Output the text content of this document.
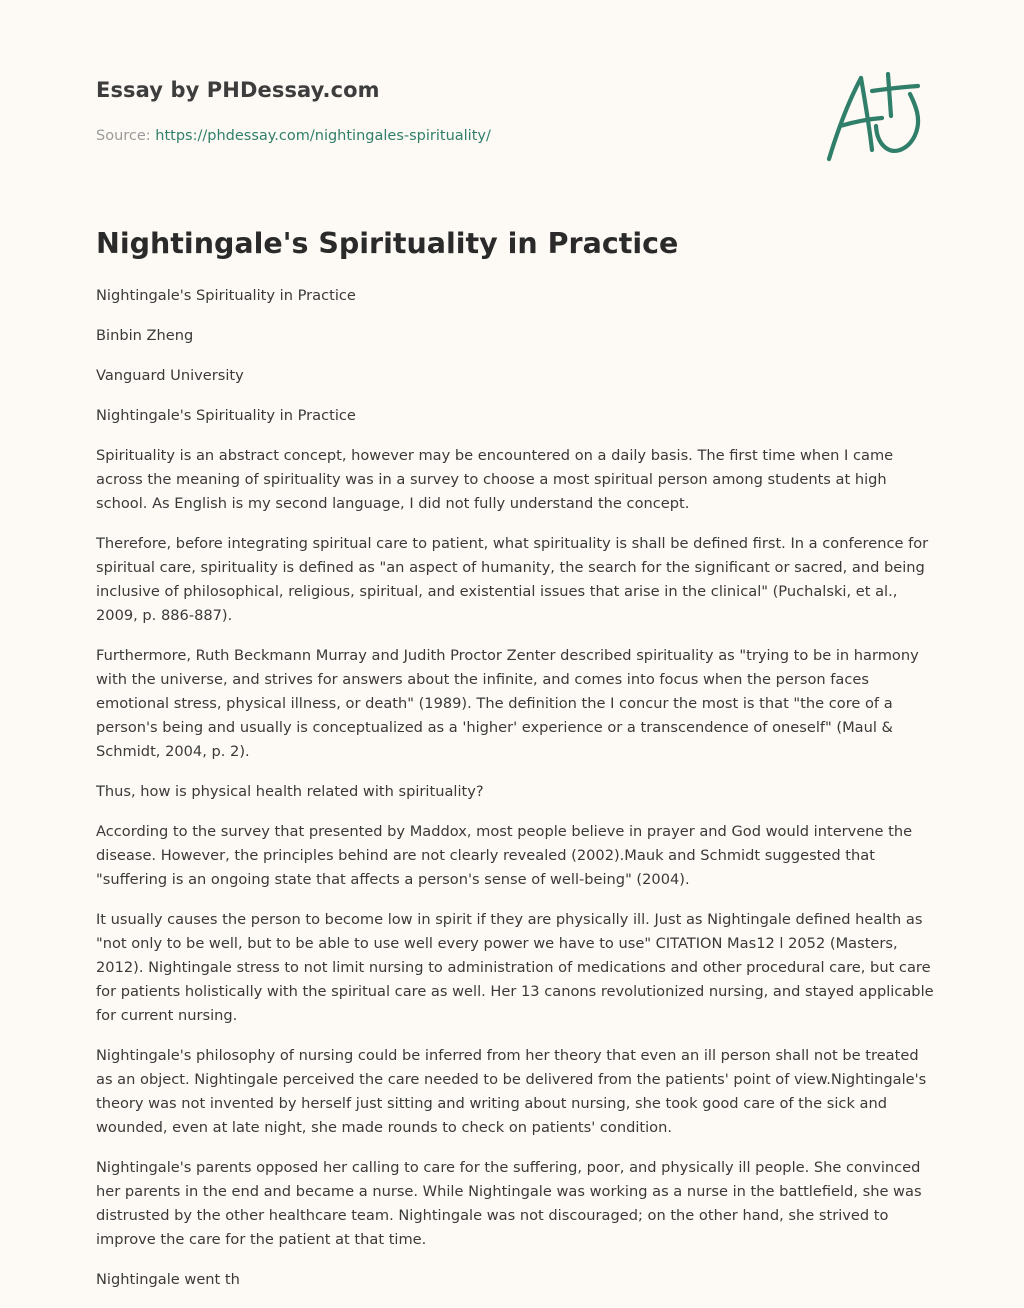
Essay by PHDessay.com
Source: https://phdessay.com/nightingales-spirituality/
Nightingale's Spirituality in Practice

Nightingale's Spirituality in Practice

Binbin Zheng

Vanguard University

Nightingale's Spirituality in Practice

Spirituality is an abstract concept, however may be encountered on a daily basis. The first time when I came across the meaning of spirituality was in a survey to choose a most spiritual person among students at high school. As English is my second language, I did not fully understand the concept.

Therefore, before integrating spiritual care to patient, what spirituality is shall be defined first. In a conference for spiritual care, spirituality is defined as "an aspect of humanity, the search for the significant or sacred, and being inclusive of philosophical, religious, spiritual, and existential issues that arise in the clinical" (Puchalski, et al., 2009, p. 886-887).

Furthermore, Ruth Beckmann Murray and Judith Proctor Zenter described spirituality as "trying to be in harmony with the universe, and strives for answers about the infinite, and comes into focus when the person faces emotional stress, physical illness, or death" (1989). The definition the I concur the most is that "the core of a person's being and usually is conceptualized as a 'higher' experience or a transcendence of oneself" (Maul & Schmidt, 2004, p. 2).

Thus, how is physical health related with spirituality?

According to the survey that presented by Maddox, most people believe in prayer and God would intervene the disease. However, the principles behind are not clearly revealed (2002).Mauk and Schmidt suggested that "suffering is an ongoing state that affects a person's sense of well-being" (2004).

It usually causes the person to become low in spirit if they are physically ill. Just as Nightingale defined health as "not only to be well, but to be able to use well every power we have to use" CITATION Mas12 l 2052 (Masters, 2012). Nightingale stress to not limit nursing to administration of medications and other procedural care, but care for patients holistically with the spiritual care as well. Her 13 canons revolutionized nursing, and stayed applicable for current nursing.

Nightingale's philosophy of nursing could be inferred from her theory that even an ill person shall not be treated as an object. Nightingale perceived the care needed to be delivered from the patients' point of view.Nightingale's theory was not invented by herself just sitting and writing about nursing, she took good care of the sick and wounded, even at late night, she made rounds to check on patients' condition.

Nightingale's parents opposed her calling to care for the suffering, poor, and physically ill people. She convinced her parents in the end and became a nurse. While Nightingale was working as a nurse in the battlefield, she was distrusted by the other healthcare team. Nightingale was not discouraged; on the other hand, she strived to improve the care for the patient at that time.

Nightingale went th
